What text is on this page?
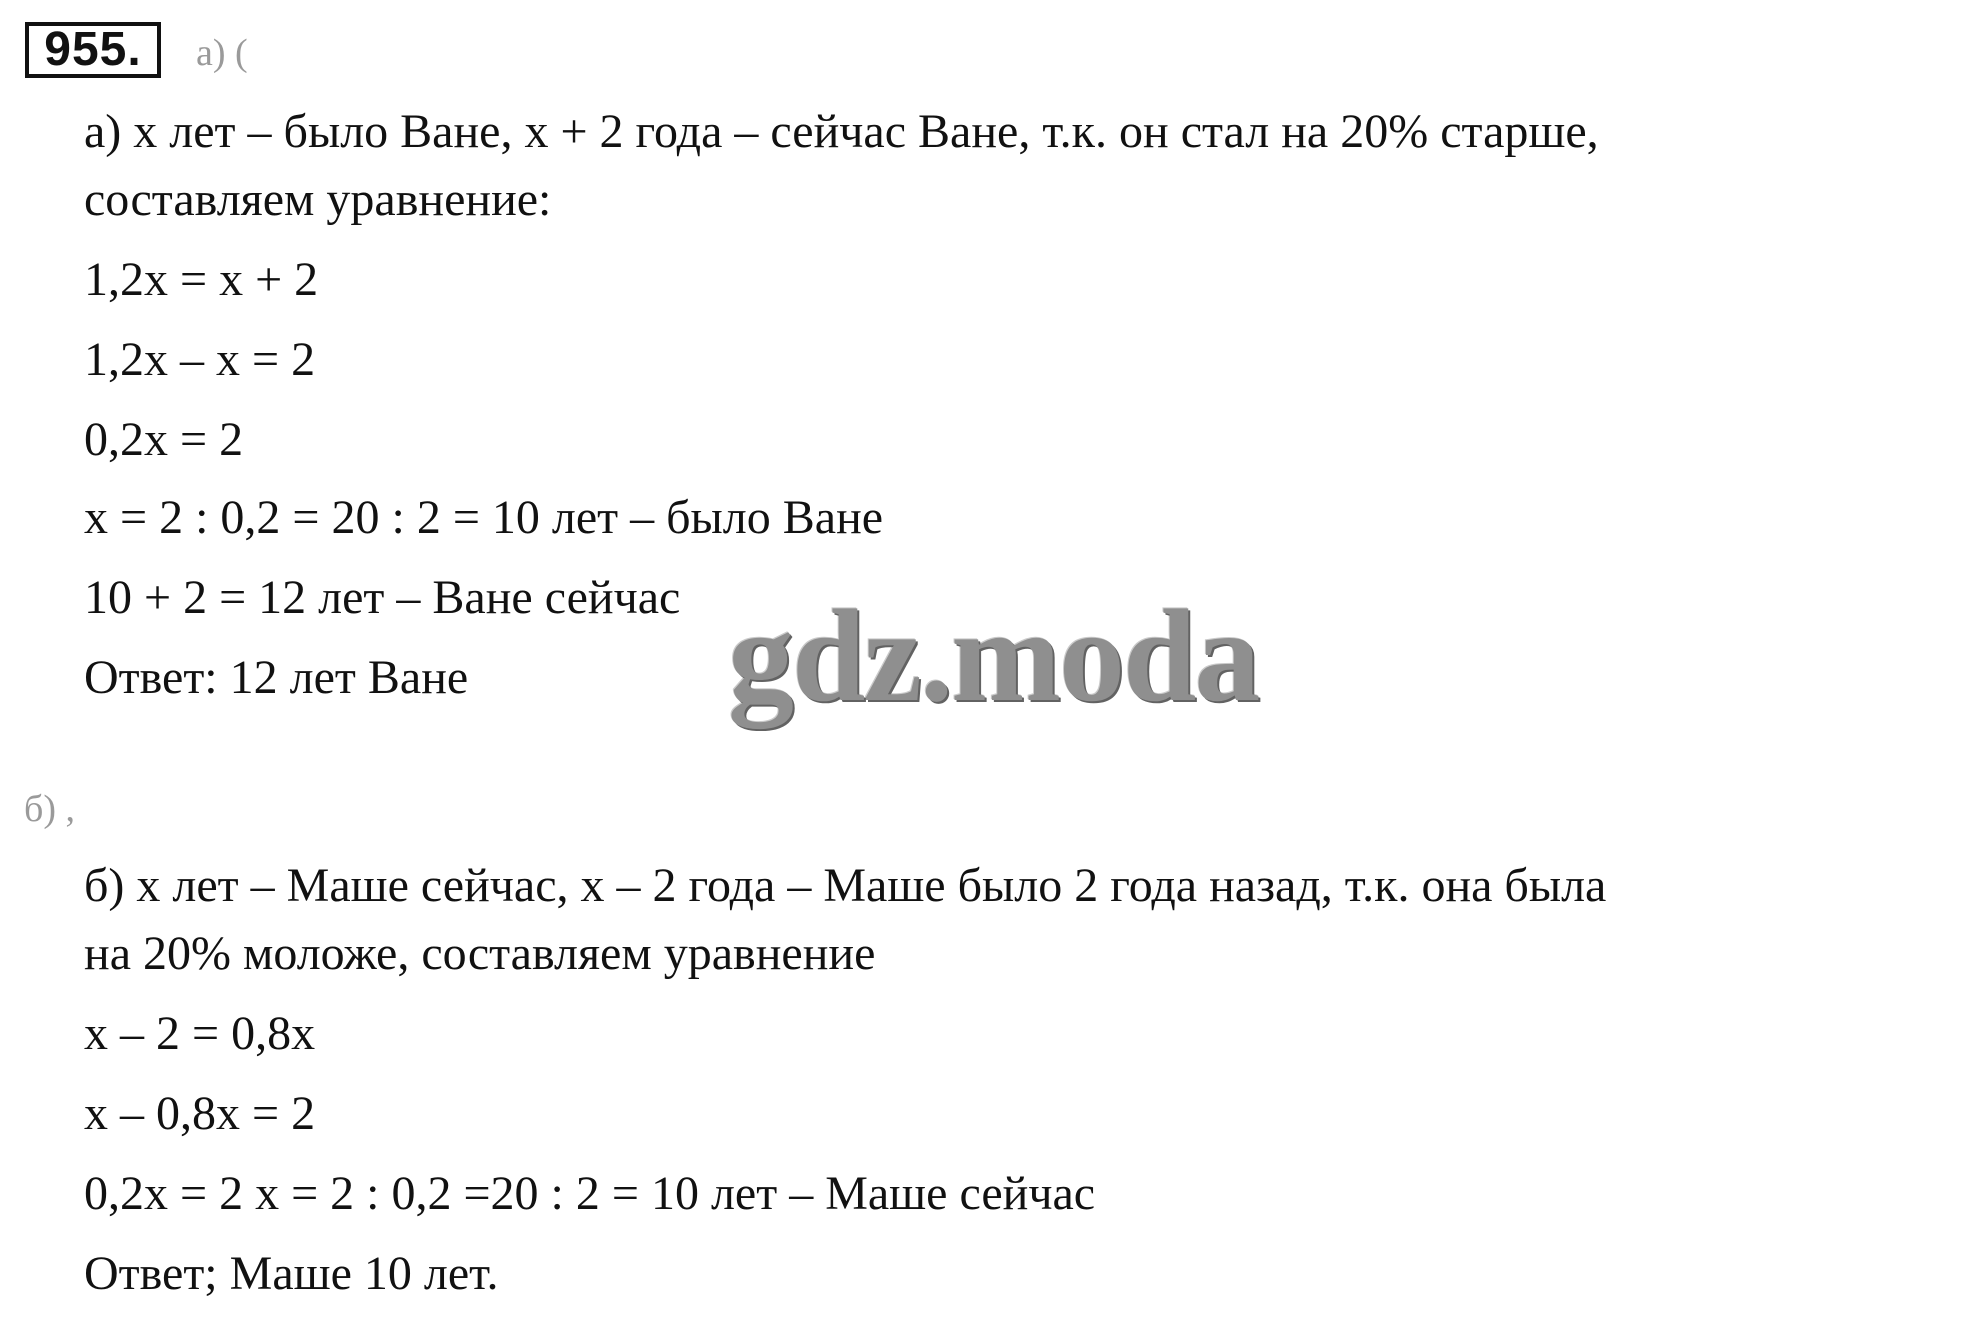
955. а) (
а) х лет – было Ване, х + 2 года – сейчас Ване, т.к. он стал на 20% старше,
составляем уравнение:
1,2х = х + 2
1,2х – х = 2
0,2х = 2
х = 2 : 0,2 = 20 : 2 = 10 лет – было Ване
10 + 2 = 12 лет – Ване сейчас
Ответ: 12 лет Ване gdz.moda
б) ,
б) х лет – Маше сейчас, х – 2 года – Маше было 2 года назад, т.к. она была
на 20% моложе, составляем уравнение
х – 2 = 0,8х
х – 0,8х = 2
0,2х = 2 х = 2 : 0,2 =20 : 2 = 10 лет – Маше сейчас
Ответ; Маше 10 лет.
